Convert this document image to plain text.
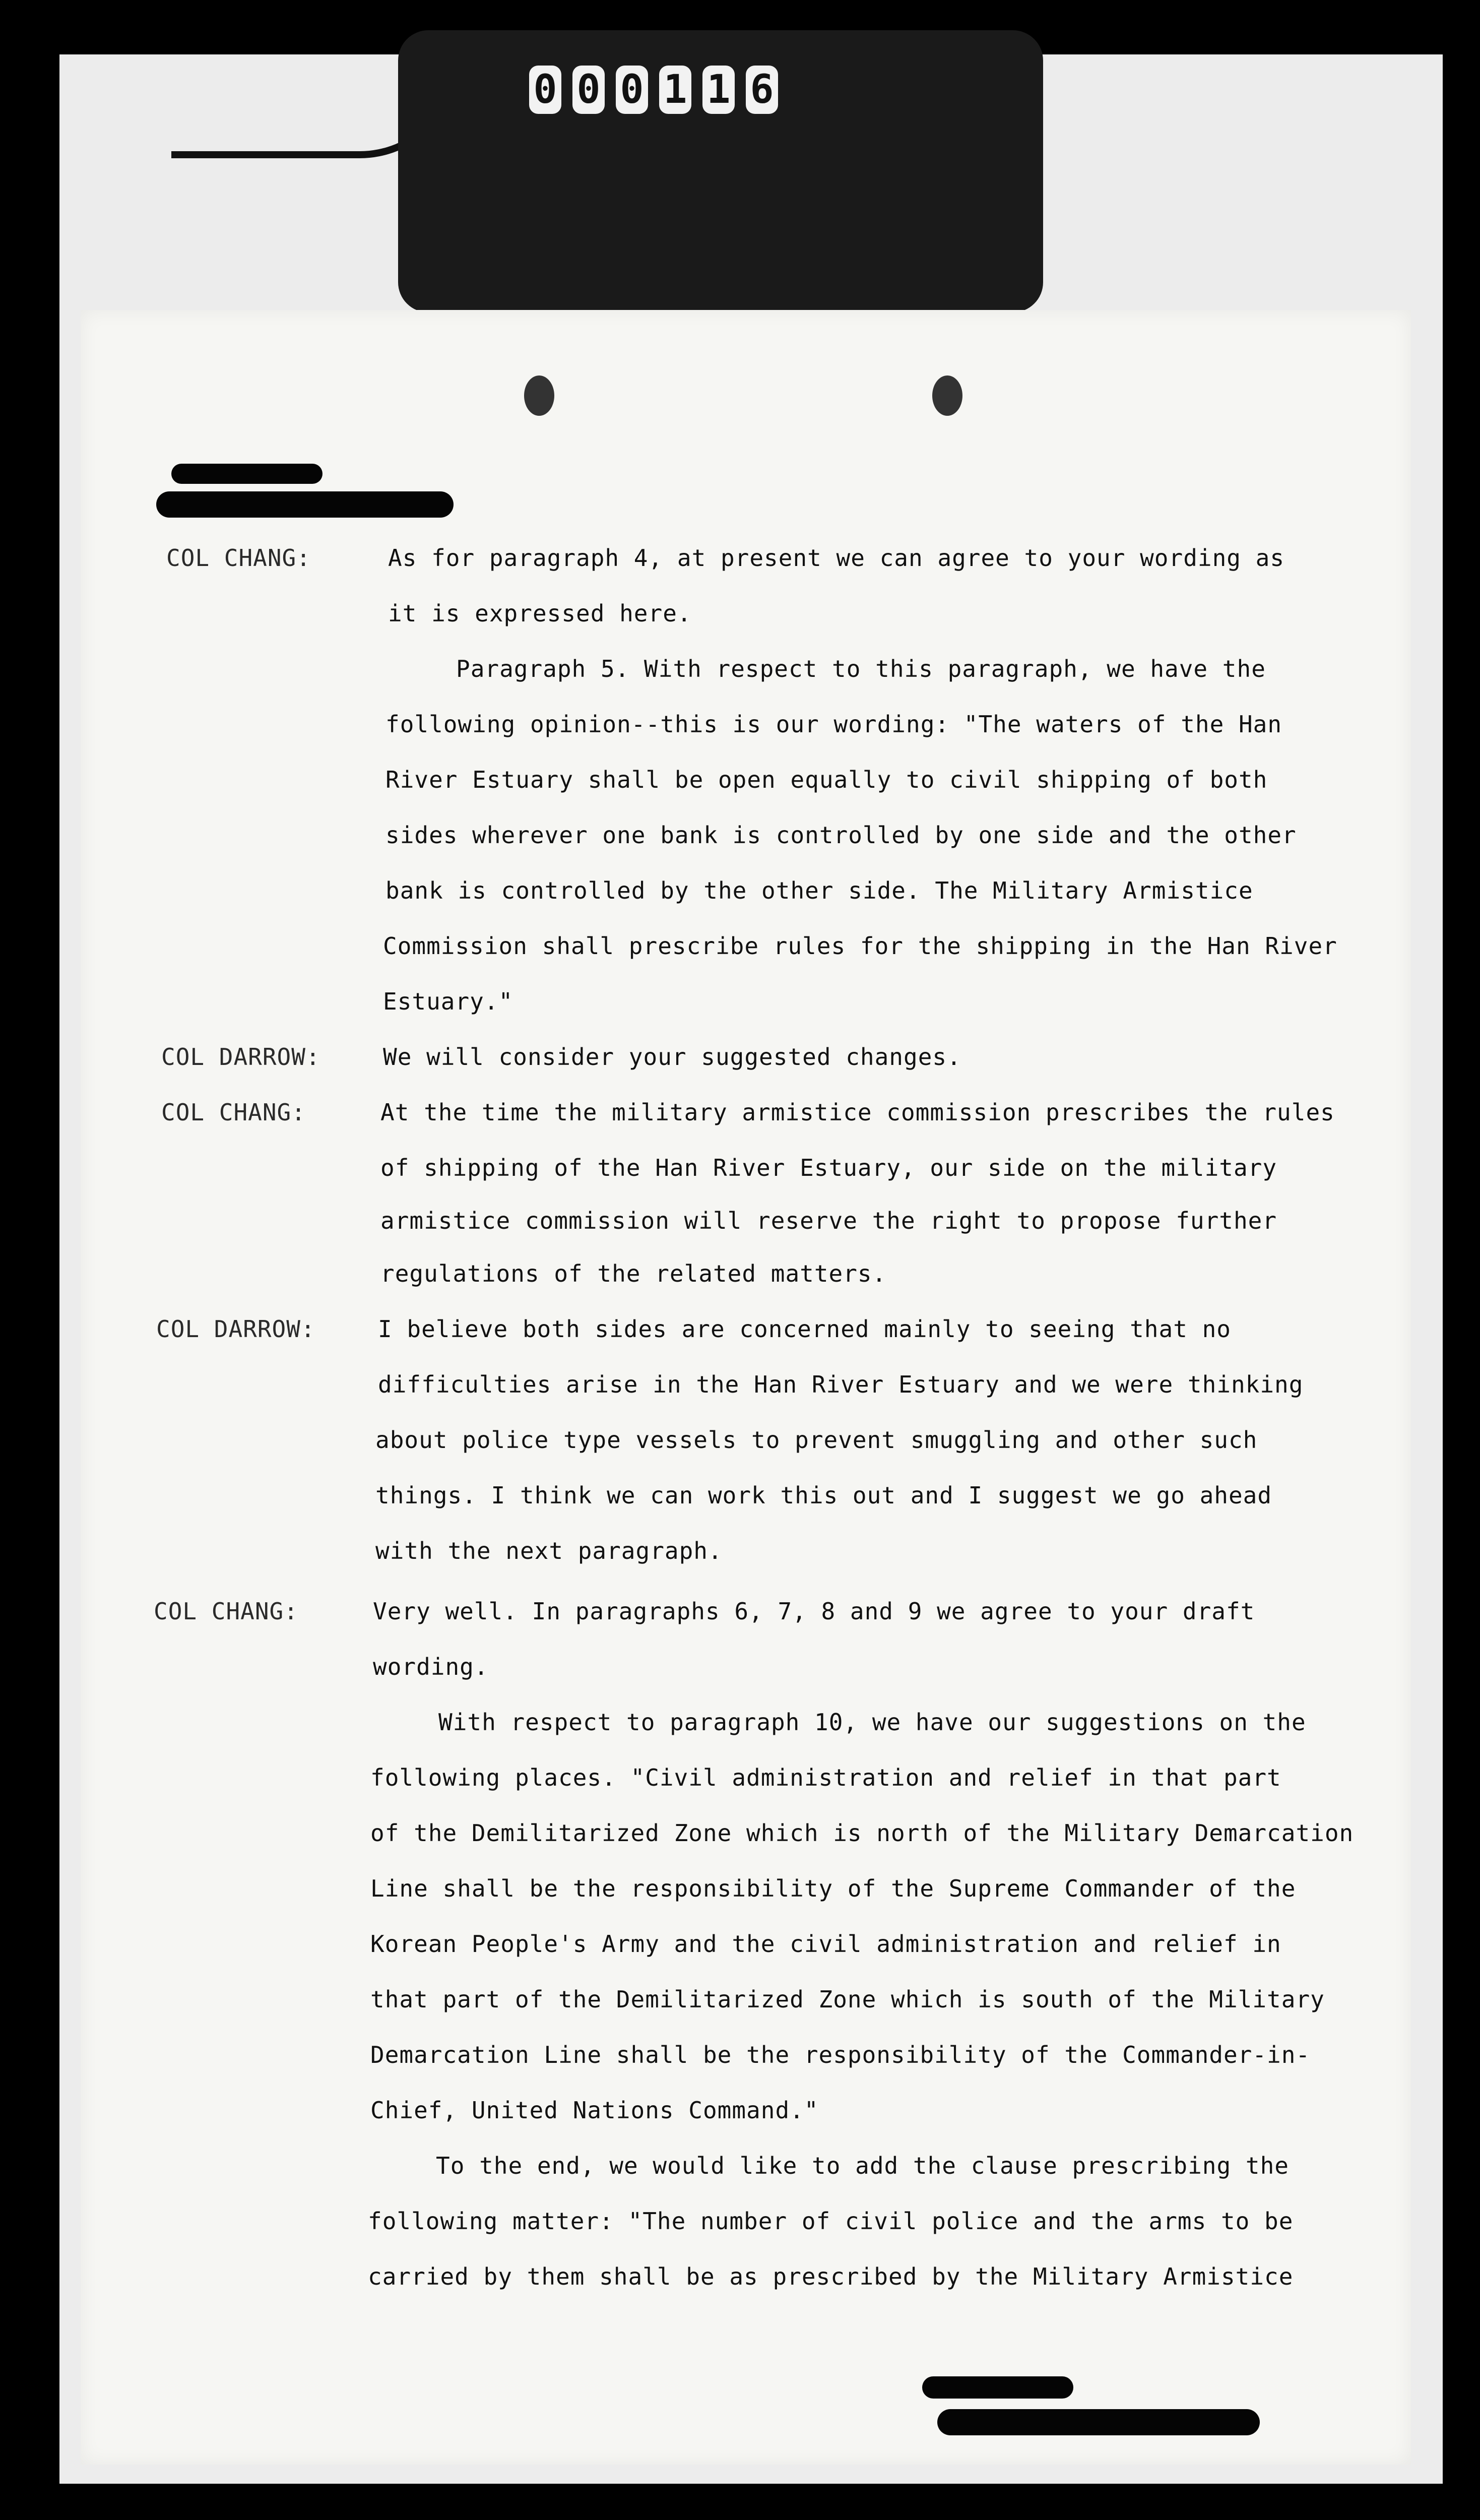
0 0 0 1 1 6
COL CHANG:
COL DARROW:
COL CHANG:
COL DARROW:
COL CHANG:
As for paragraph 4, at present we can agree to your wording as
it is expressed here.
Paragraph 5. With respect to this paragraph, we have the
following opinion--this is our wording: "The waters of the Han
River Estuary shall be open equally to civil shipping of both
sides wherever one bank is controlled by one side and the other
bank is controlled by the other side. The Military Armistice
Commission shall prescribe rules for the shipping in the Han River
Estuary."
We will consider your suggested changes.
At the time the military armistice commission prescribes the rules
of shipping of the Han River Estuary, our side on the military
armistice commission will reserve the right to propose further
regulations of the related matters.
I believe both sides are concerned mainly to seeing that no
difficulties arise in the Han River Estuary and we were thinking
about police type vessels to prevent smuggling and other such
things. I think we can work this out and I suggest we go ahead
with the next paragraph.
Very well. In paragraphs 6, 7, 8 and 9 we agree to your draft
wording.
With respect to paragraph 10, we have our suggestions on the
following places. "Civil administration and relief in that part
of the Demilitarized Zone which is north of the Military Demarcation
Line shall be the responsibility of the Supreme Commander of the
Korean People's Army and the civil administration and relief in
that part of the Demilitarized Zone which is south of the Military
Demarcation Line shall be the responsibility of the Commander-in-
Chief, United Nations Command."
To the end, we would like to add the clause prescribing the
following matter: "The number of civil police and the arms to be
carried by them shall be as prescribed by the Military Armistice
